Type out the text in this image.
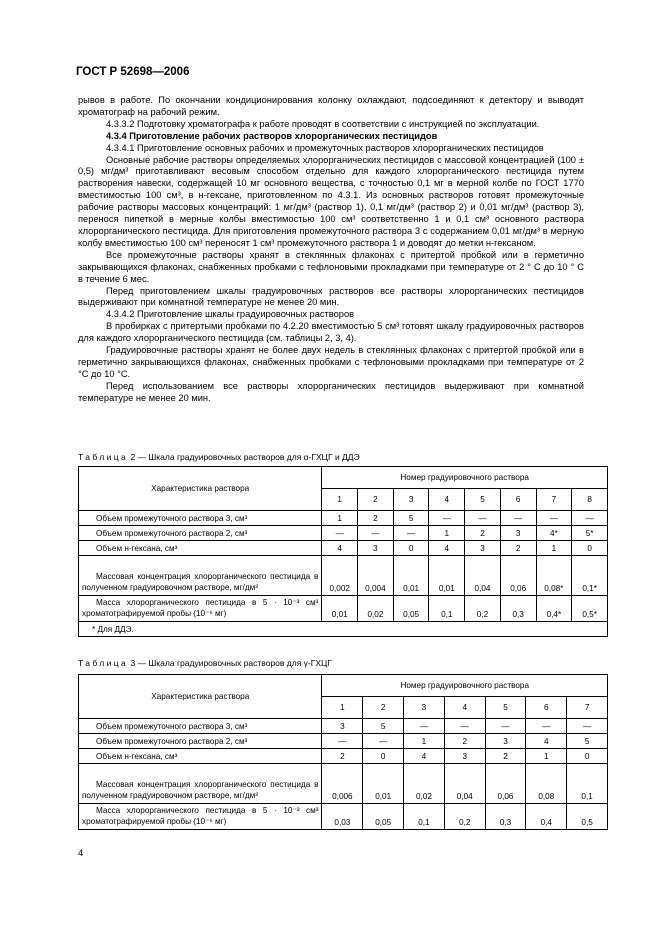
ГОСТ Р 52698—2006

рывов в работе. По окончании кондиционирования колонку охлаждают, подсоединяют к детектору и выводят хроматограф на рабочий режим.

4.3.3.2 Подготовку хроматографа к работе проводят в соответствии с инструкцией по эксплуатации.

4.3.4 Приготовление рабочих растворов хлорорганических пестицидов

4.3.4.1 Приготовление основных рабочих и промежуточных растворов хлорорганических пестицидов

Основные рабочие растворы определяемых хлорорганических пестицидов с массовой концентрацией (100 ± 0,5) мг/дм³ приготавливают весовым способом отдельно для каждого хлорорганического пестицида путем растворения навески, содержащей 10 мг основного вещества, с точностью 0,1 мг в мерной колбе по ГОСТ 1770 вместимостью 100 см³, в н-гексане, приготовленном по 4.3.1. Из основных растворов готовят промежуточные рабочие растворы массовых концентраций: 1 мг/дм³ (раствор 1), 0,1 мг/дм³ (раствор 2) и 0,01 мг/дм³ (раствор 3), перенося пипеткой в мерные колбы вместимостью 100 см³ соответственно 1 и 0,1 см³ основного раствора хлорорганического пестицида. Для приготовления промежуточного раствора 3 с содержанием 0,01 мг/дм³ в мерную колбу вместимостью 100 см³ переносят 1 см³ промежуточного раствора 1 и доводят до метки н-гексаном.

Все промежуточные растворы хранят в стеклянных флаконах с притертой пробкой или в герметично закрывающихся флаконах, снабженных пробками с тефлоновыми прокладками при температуре от 2 ° С до 10 ° С в течение 6 мес.

Перед приготовлением шкалы градуировочных растворов все растворы хлорорганических пестицидов выдерживают при комнатной температуре не менее 20 мин.

4.3.4.2 Приготовление шкалы градуировочных растворов

В пробирках с притертыми пробками по 4.2.20 вместимостью 5 см³ готовят шкалу градуировочных растворов для каждого хлорорганического пестицида (см. таблицы 2, 3, 4).

Градуировочные растворы хранят не более двух недель в стеклянных флаконах с притертой пробкой или в герметично закрывающихся флаконах, снабженных пробками с тефлоновыми прокладками при температуре от 2 °С до 10 °С.

Перед использованием все растворы хлорорганических пестицидов выдерживают при комнатной температуре не менее 20 мин.

Таблица 2 — Шкала градуировочных растворов для α-ГХЦГ и ДДЭ
Характеристика раствора	Номер градуировочного раствора							
	1	2	3	4	5	6	7	8
Объем промежуточного раствора 3, см³	1	2	5	—	—	—	—	—
Объем промежуточного раствора 2, см³	—	—	—	1	2	3	4*	5*
Объем н-гексана, см³	4	3	0	4	3	2	1	0
Массовая концентрация хлорорганического пестицида в полученном градуировочном растворе, мг/дм³	0,002	0,004	0,01	0,01	0,04	0,06	0,08*	0,1*
Масса хлорорганического пестицида в 5 · 10⁻³ см³ хроматографируемой пробы (10⁻⁶ мг)	0,01	0,02	0,05	0,1	0,2	0,3	0,4*	0,5*
* Для ДДЭ.								
Таблица 3 — Шкала градуировочных растворов для γ-ГХЦГ
Характеристика раствора	Номер градуировочного раствора						
	1	2	3	4	5	6	7
Объем промежуточного раствора 3, см³	3	5	—	—	—	—	—
Объем промежуточного раствора 2, см³	—	—	1	2	3	4	5
Объем н-гексана, см³	2	0	4	3	2	1	0
Массовая концентрация хлорорганического пестицида в полученном градуировочном растворе, мг/дм³	0,006	0,01	0,02	0,04	0,06	0,08	0,1
Масса хлорорганического пестицида в 5 · 10⁻³ см³ хроматографируемой пробы (10⁻⁶ мг)	0,03	0,05	0,1	0,2	0,3	0,4	0,5
4
